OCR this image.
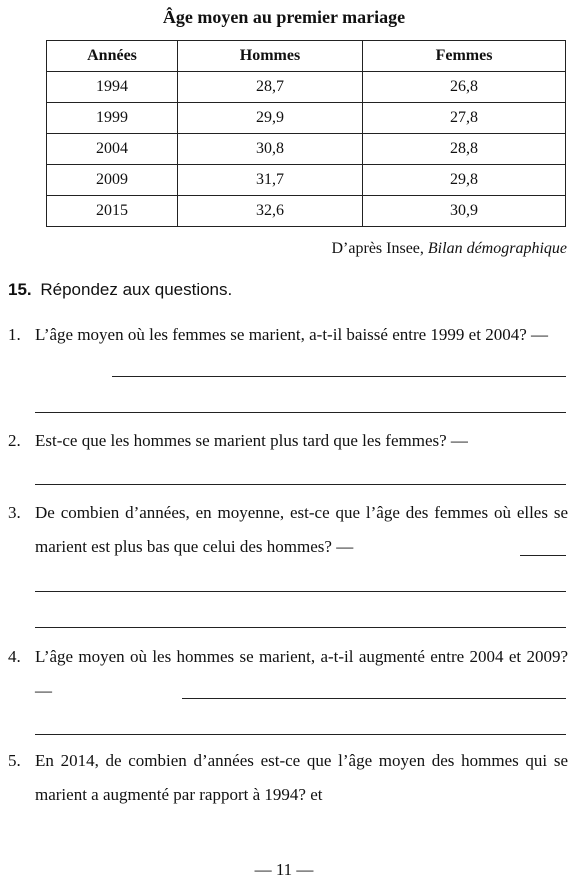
Âge moyen au premier mariage
Années	Hommes	Femmes
1994	28,7	26,8
1999	29,9	27,8
2004	30,8	28,8
2009	31,7	29,8
2015	32,6	30,9
D’après Insee, Bilan démographique
15. Répondez aux questions.
1. L’âge moyen où les femmes se marient, a-t-il baissé entre 1999 et 2004? —
2. Est-ce que les hommes se marient plus tard que les femmes? —
3. De combien d’années, en moyenne, est-ce que l’âge des femmes où elles se marient est plus bas que celui des hommes? —
4. L’âge moyen où les hommes se marient, a-t-il augmenté entre 2004 et 2009? —
5. En 2014, de combien d’années est-ce que l’âge moyen des hommes qui se marient a augmenté par rapport à 1994? et
— 11 —
